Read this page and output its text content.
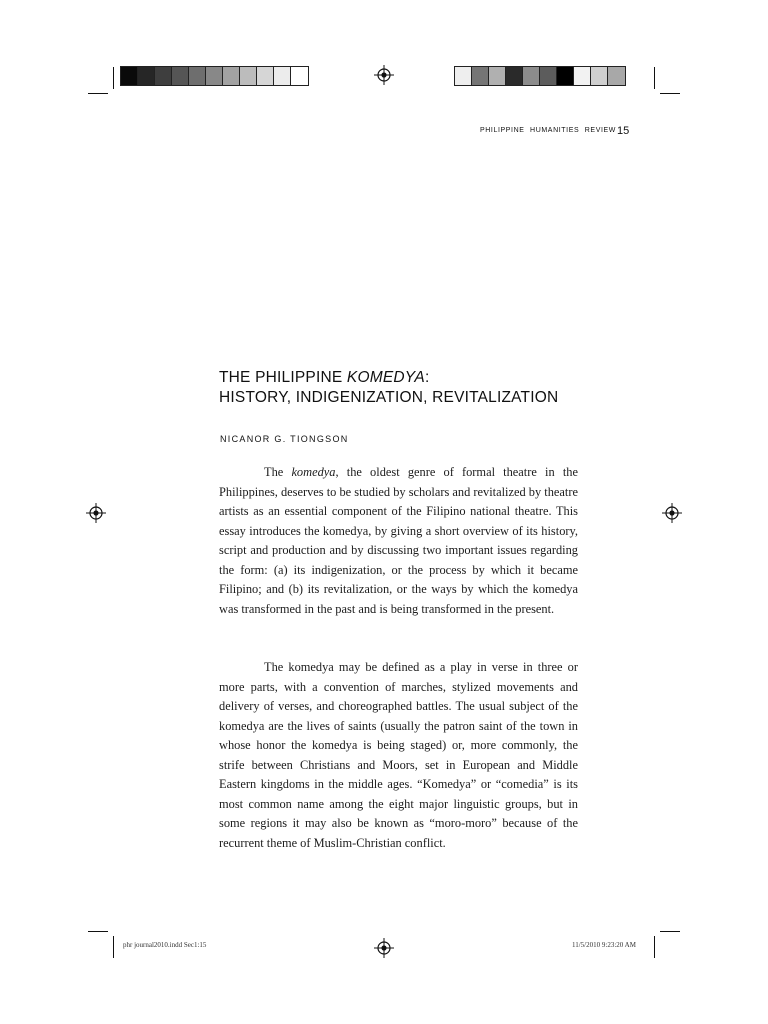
PHILIPPINE HUMANITIES REVIEW 15
THE PHILIPPINE KOMEDYA:
HISTORY, INDIGENIZATION, REVITALIZATION
NICANOR G. TIONGSON

The komedya, the oldest genre of formal theatre in the Philippines, deserves to be studied by scholars and revitalized by theatre artists as an essential component of the Filipino national theatre. This essay introduces the komedya, by giving a short overview of its history, script and production and by discussing two important issues regarding the form: (a) its indigenization, or the process by which it became Filipino; and (b) its revitalization, or the ways by which the komedya was transformed in the past and is being transformed in the present.

The komedya may be defined as a play in verse in three or more parts, with a convention of marches, stylized movements and delivery of verses, and choreographed battles. The usual subject of the komedya are the lives of saints (usually the patron saint of the town in whose honor the komedya is being staged) or, more commonly, the strife between Christians and Moors, set in European and Middle Eastern kingdoms in the middle ages. “Komedya” or “comedia” is its most common name among the eight major linguistic groups, but in some regions it may also be known as “moro-moro” because of the recurrent theme of Muslim-Christian conflict.

phr journal2010.indd Sec1:15	11/5/2010 9:23:20 AM
